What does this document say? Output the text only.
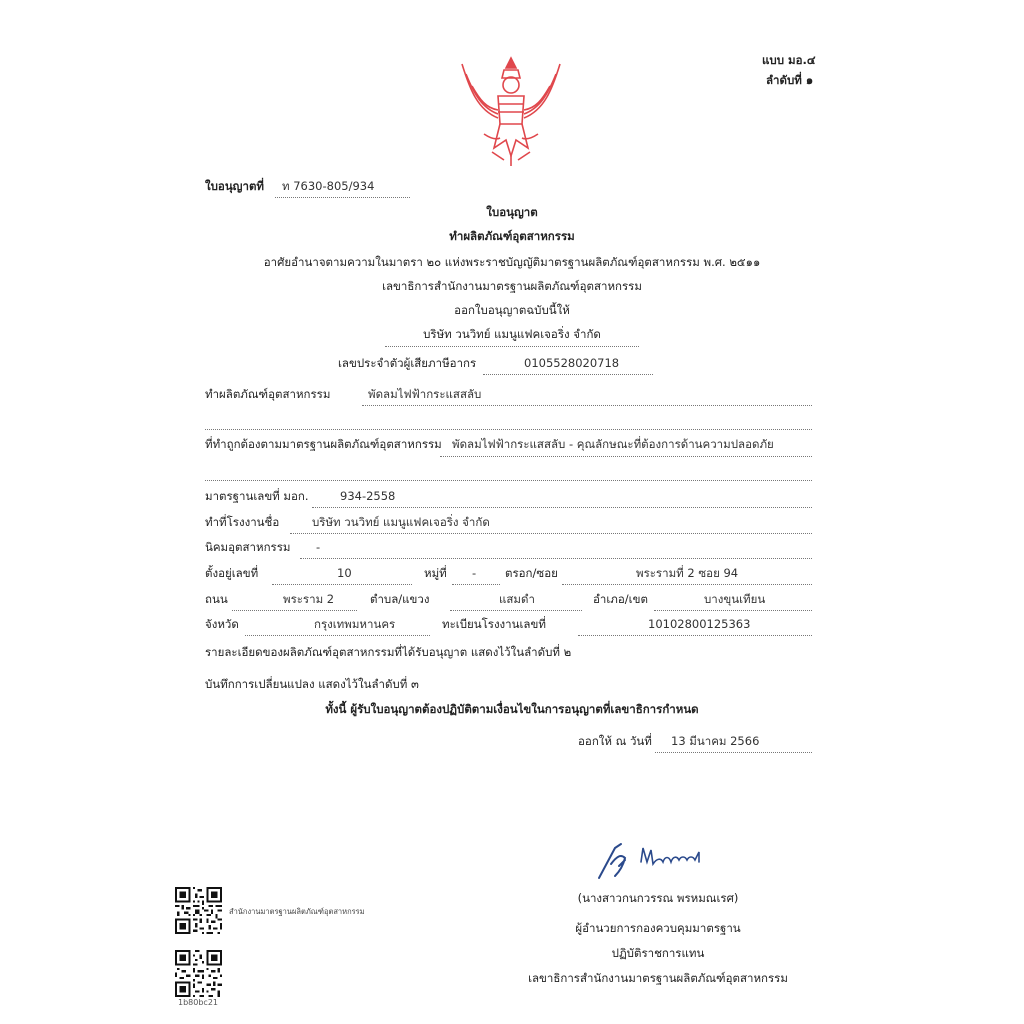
แบบ มอ.๔
ลำดับที่ ๑
ใบอนุญาตที่ ท 7630-805/934
ใบอนุญาต
ทำผลิตภัณฑ์อุตสาหกรรม
อาศัยอำนาจตามความในมาตรา ๒๐ แห่งพระราชบัญญัติมาตรฐานผลิตภัณฑ์อุตสาหกรรม พ.ศ. ๒๕๑๑
เลขาธิการสำนักงานมาตรฐานผลิตภัณฑ์อุตสาหกรรม
ออกใบอนุญาตฉบับนี้ให้
บริษัท วนวิทย์ แมนูแฟคเจอริ่ง จำกัด
เลขประจำตัวผู้เสียภาษีอากร	0105528020718
ทำผลิตภัณฑ์อุตสาหกรรม	พัดลมไฟฟ้ากระแสสลับ
ที่ทำถูกต้องตามมาตรฐานผลิตภัณฑ์อุตสาหกรรม พัดลมไฟฟ้ากระแสสลับ - คุณลักษณะที่ต้องการด้านความปลอดภัย
มาตรฐานเลขที่ มอก.	934-2558
ทำที่โรงงานชื่อ	บริษัท วนวิทย์ แมนูแฟคเจอริ่ง จำกัด
นิคมอุตสาหกรรม -
ตั้งอยู่เลขที่	10	หมู่ที่ -	ตรอก/ซอย	พระรามที่ 2 ซอย 94
ถนน	พระราม 2	ตำบล/แขวง	แสมดำ	อำเภอ/เขต	บางขุนเทียน
จังหวัด	กรุงเทพมหานคร	ทะเบียนโรงงานเลขที่	10102800125363
รายละเอียดของผลิตภัณฑ์อุตสาหกรรมที่ได้รับอนุญาต แสดงไว้ในลำดับที่ ๒
บันทึกการเปลี่ยนแปลง แสดงไว้ในลำดับที่ ๓
ทั้งนี้ ผู้รับใบอนุญาตต้องปฏิบัติตามเงื่อนไขในการอนุญาตที่เลขาธิการกำหนด
ออกให้ ณ วันที่ 13 มีนาคม 2566
(นางสาวกนกวรรณ พรหมณเรศ)
ผู้อำนวยการกองควบคุมมาตรฐาน
ปฏิบัติราชการแทน
เลขาธิการสำนักงานมาตรฐานผลิตภัณฑ์อุตสาหกรรม
สำนักงานมาตรฐานผลิตภัณฑ์อุตสาหกรรม
1b80bc21
